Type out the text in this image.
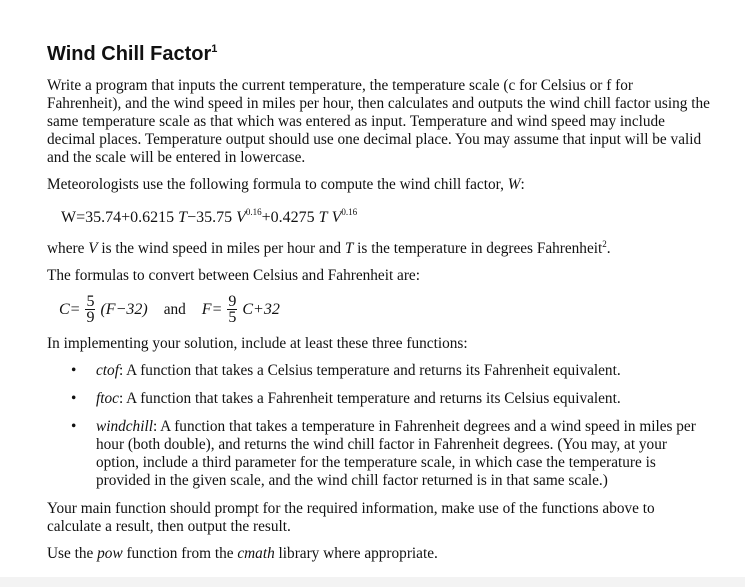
Wind Chill Factor$^1$

Write a program that inputs the current temperature, the temperature scale (c for Celsius or f for Fahrenheit), and the wind speed in miles per hour, then calculates and outputs the wind chill factor using the same temperature scale as that which was entered as input. Temperature and wind speed may include decimal places. Temperature output should use one decimal place. You may assume that input will be valid and the scale will be entered in lowercase.

Meteorologists use the following formula to compute the wind chill factor, W:

W=35.74+0.6215 T−35.75 $V^{0.16}+0.4275$ T $V^{0.16}$

where V is the wind speed in miles per hour and T is the temperature in degrees Fahrenheit$^2$.

The formulas to convert between Celsius and Fahrenheit are:

$C= \frac{5}{9} (F-32)$ and $F= \frac{9}{5} C+32$

In implementing your solution, include at least these three functions:

• ctof: A function that takes a Celsius temperature and returns its Fahrenheit equivalent.
• ftoc: A function that takes a Fahrenheit temperature and returns its Celsius equivalent.
• windchill: A function that takes a temperature in Fahrenheit degrees and a wind speed in miles per hour (both double), and returns the wind chill factor in Fahrenheit degrees. (You may, at your option, include a third parameter for the temperature scale, in which case the temperature is provided in the given scale, and the wind chill factor returned is in that same scale.)

Your main function should prompt for the required information, make use of the functions above to calculate a result, then output the result.

Use the pow function from the cmath library where appropriate.
